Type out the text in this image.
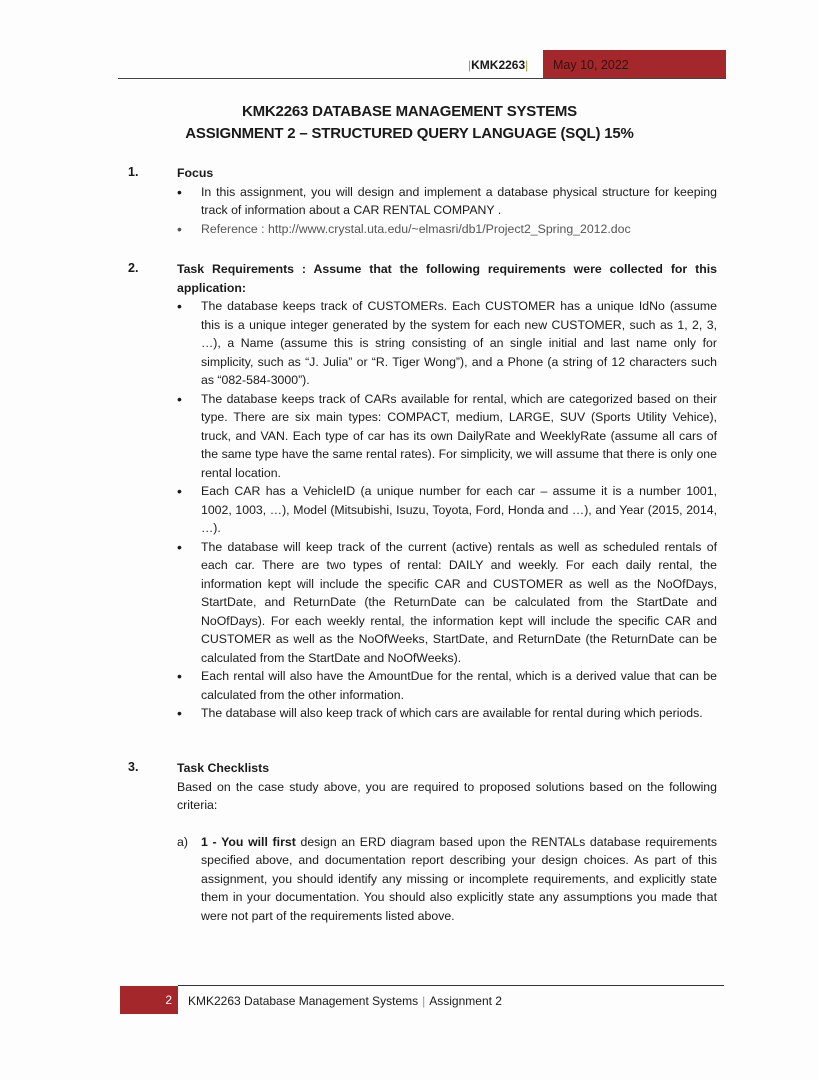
|KMK2263|	May 10, 2022
KMK2263 DATABASE MANAGEMENT SYSTEMS
ASSIGNMENT 2 – STRUCTURED QUERY LANGUAGE (SQL) 15%
1.	Focus
• In this assignment, you will design and implement a database physical structure for keeping track of information about a CAR RENTAL COMPANY .
• Reference : http://www.crystal.uta.edu/~elmasri/db1/Project2_Spring_2012.doc
2.	Task Requirements : Assume that the following requirements were collected for this application:

• The database keeps track of CUSTOMERs. Each CUSTOMER has a unique IdNo (assume this is a unique integer generated by the system for each new CUSTOMER, such as 1, 2, 3, …), a Name (assume this is string consisting of an single initial and last name only for simplicity, such as “J. Julia” or “R. Tiger Wong”), and a Phone (a string of 12 characters such as “082-584-3000”).
• The database keeps track of CARs available for rental, which are categorized based on their type. There are six main types: COMPACT, medium, LARGE, SUV (Sports Utility Vehice), truck, and VAN. Each type of car has its own DailyRate and WeeklyRate (assume all cars of the same type have the same rental rates). For simplicity, we will assume that there is only one rental location.
• Each CAR has a VehicleID (a unique number for each car – assume it is a number 1001, 1002, 1003, …), Model (Mitsubishi, Isuzu, Toyota, Ford, Honda and …), and Year (2015, 2014, …).
• The database will keep track of the current (active) rentals as well as scheduled rentals of each car. There are two types of rental: DAILY and weekly. For each daily rental, the information kept will include the specific CAR and CUSTOMER as well as the NoOfDays, StartDate, and ReturnDate (the ReturnDate can be calculated from the StartDate and NoOfDays). For each weekly rental, the information kept will include the specific CAR and CUSTOMER as well as the NoOfWeeks, StartDate, and ReturnDate (the ReturnDate can be calculated from the StartDate and NoOfWeeks).
• Each rental will also have the AmountDue for the rental, which is a derived value that can be calculated from the other information.
• The database will also keep track of which cars are available for rental during which periods.
3.	Task Checklists

Based on the case study above, you are required to proposed solutions based on the following criteria:

a) 1 - You will first design an ERD diagram based upon the RENTALs database requirements specified above, and documentation report describing your design choices. As part of this assignment, you should identify any missing or incomplete requirements, and explicitly state them in your documentation. You should also explicitly state any assumptions you made that were not part of the requirements listed above.
2	KMK2263 Database Management Systems | Assignment 2
